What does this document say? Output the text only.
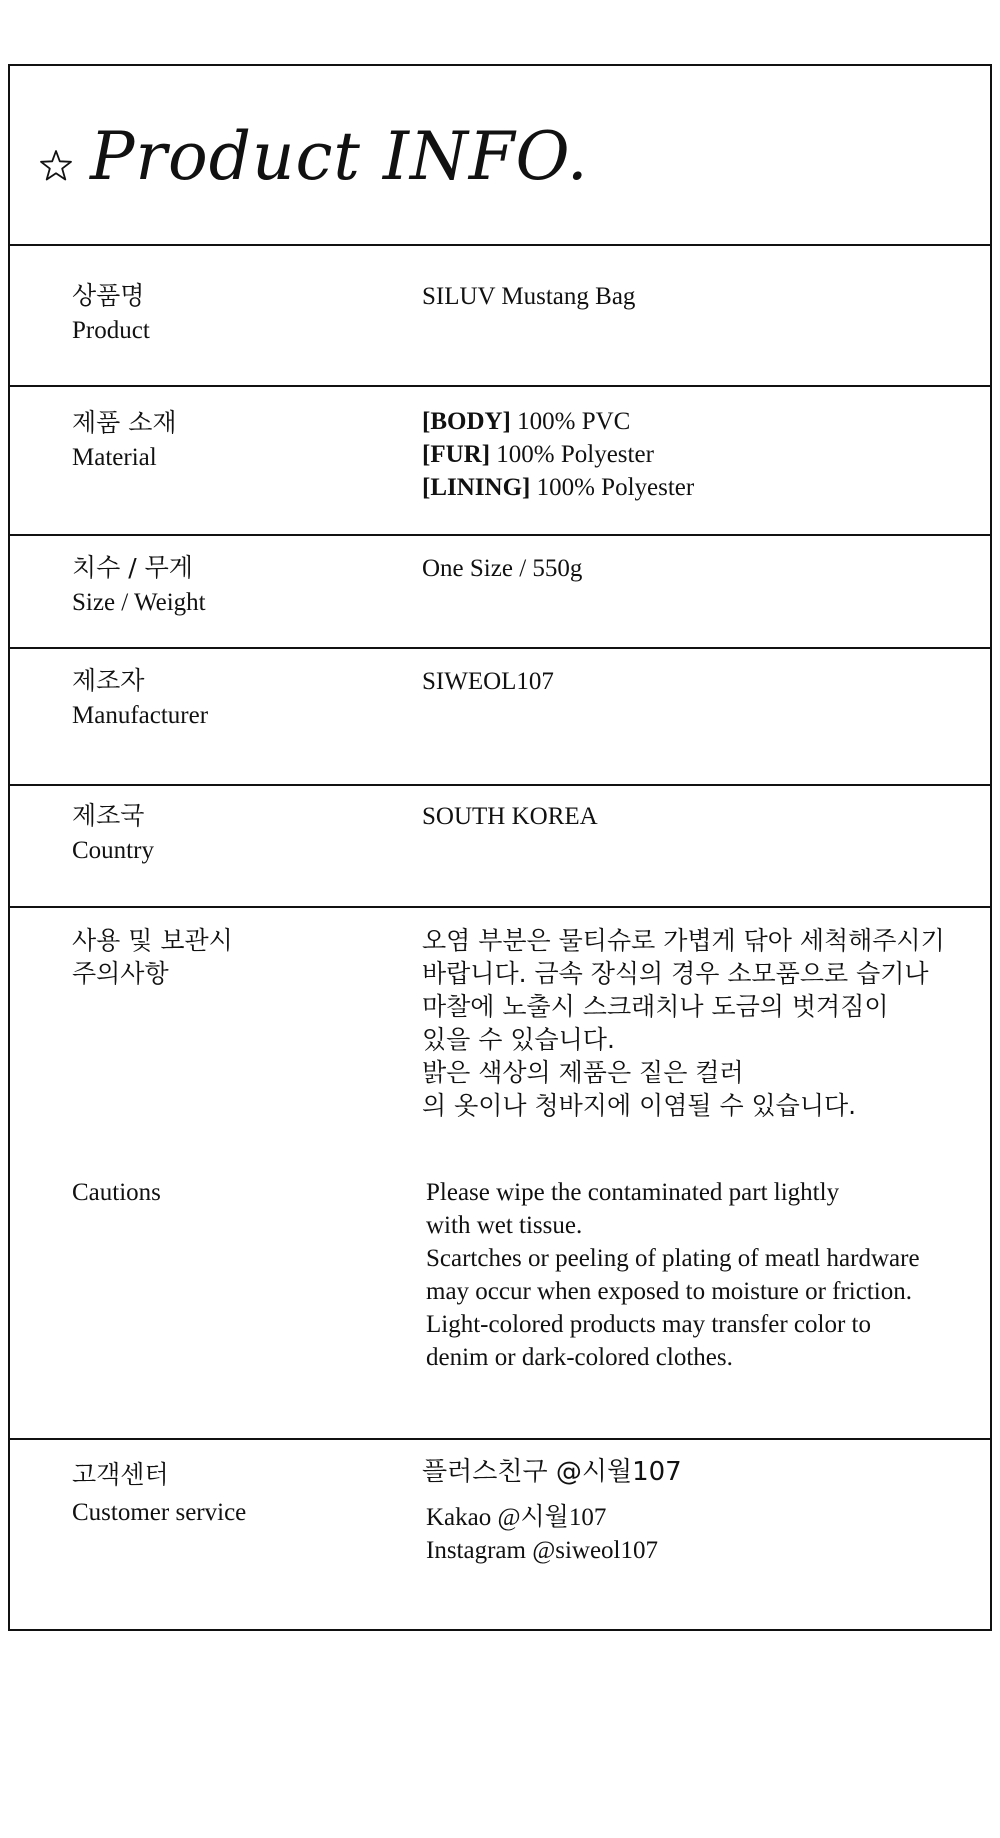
Product INFO.
상품명
Product
SILUV Mustang Bag
제품 소재
Material
[BODY] 100% PVC
[FUR] 100% Polyester
[LINING] 100% Polyester
치수 / 무게
Size / Weight
One Size / 550g
제조자
Manufacturer
SIWEOL107
제조국
Country
SOUTH KOREA
사용 및 보관시
주의사항
오염 부분은 물티슈로 가볍게 닦아 세척해주시기
바랍니다. 금속 장식의 경우 소모품으로 습기나
마찰에 노출시 스크래치나 도금의 벗겨짐이
있을 수 있습니다.
밝은 색상의 제품은 짙은 컬러
의 옷이나 청바지에 이염될 수 있습니다.
Cautions	Please wipe the contaminated part lightly
with wet tissue.
Scartches or peeling of plating of meatl hardware
may occur when exposed to moisture or friction.
Light-colored products may transfer color to
denim or dark-colored clothes.
고객센터
Customer service
플러스친구 @시월107
Kakao @시월107
Instagram @siweol107
